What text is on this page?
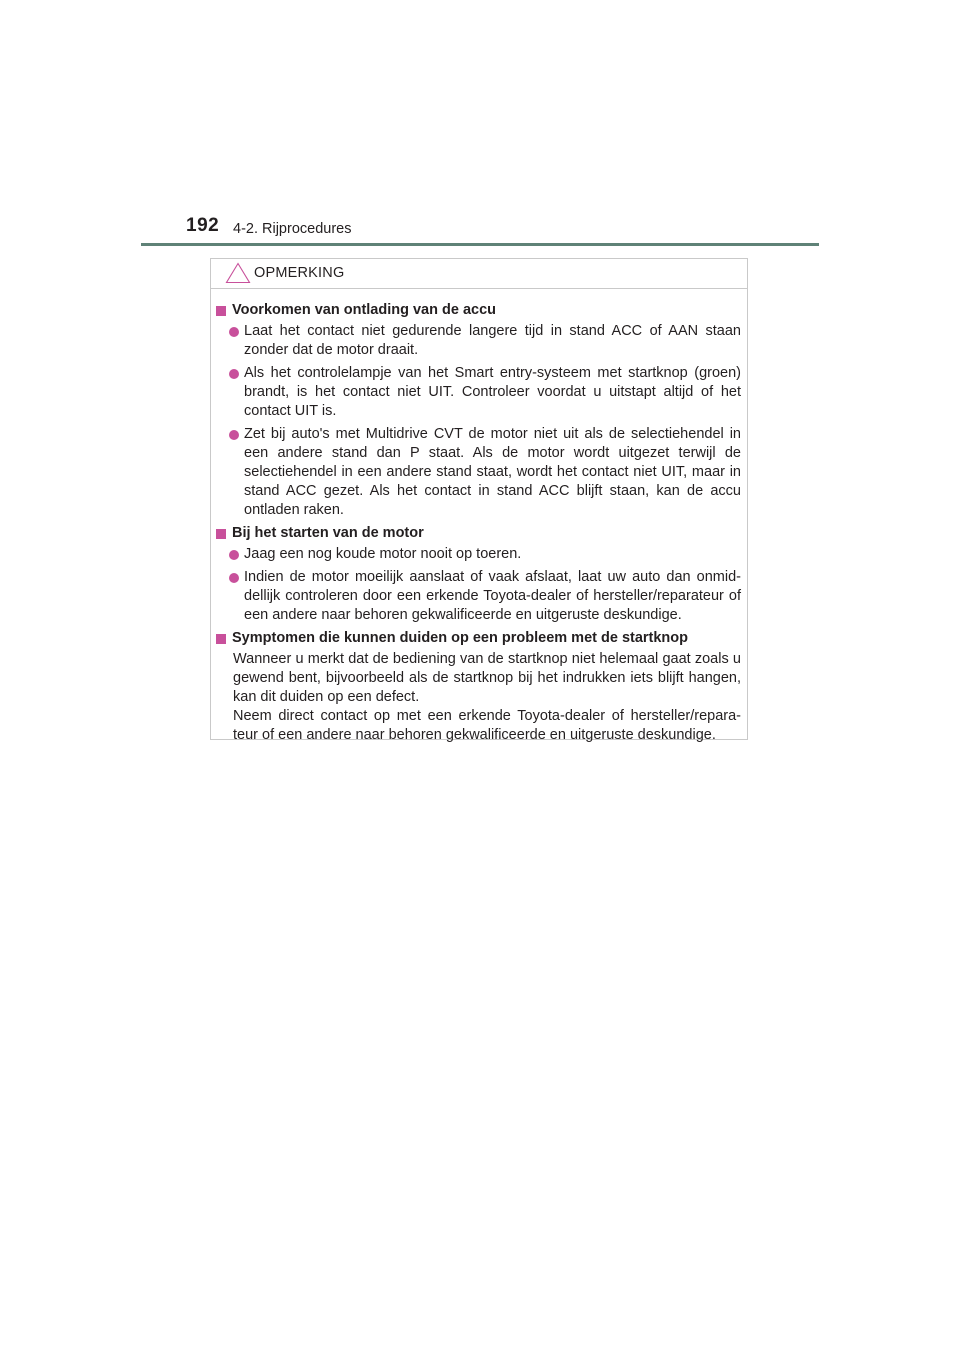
192 4-2. Rijprocedures
OPMERKING
Voorkomen van ontlading van de accu
Laat het contact niet gedurende langere tijd in stand ACC of AAN staan zonder dat de motor draait.
Als het controlelampje van het Smart entry-systeem met startknop (groen) brandt, is het contact niet UIT. Controleer voordat u uitstapt altijd of het contact UIT is.
Zet bij auto's met Multidrive CVT de motor niet uit als de selectiehendel in een andere stand dan P staat. Als de motor wordt uitgezet terwijl de selectiehendel in een andere stand staat, wordt het contact niet UIT, maar in stand ACC gezet. Als het contact in stand ACC blijft staan, kan de accu ontladen raken.
Bij het starten van de motor
Jaag een nog koude motor nooit op toeren.
Indien de motor moeilijk aanslaat of vaak afslaat, laat uw auto dan onmid-dellijk controleren door een erkende Toyota-dealer of hersteller/reparateur of een andere naar behoren gekwalificeerde en uitgeruste deskundige.
Symptomen die kunnen duiden op een probleem met de startknop
Wanneer u merkt dat de bediening van de startknop niet helemaal gaat zoals u gewend bent, bijvoorbeeld als de startknop bij het indrukken iets blijft hangen, kan dit duiden op een defect.
Neem direct contact op met een erkende Toyota-dealer of hersteller/repara-teur of een andere naar behoren gekwalificeerde en uitgeruste deskundige.
